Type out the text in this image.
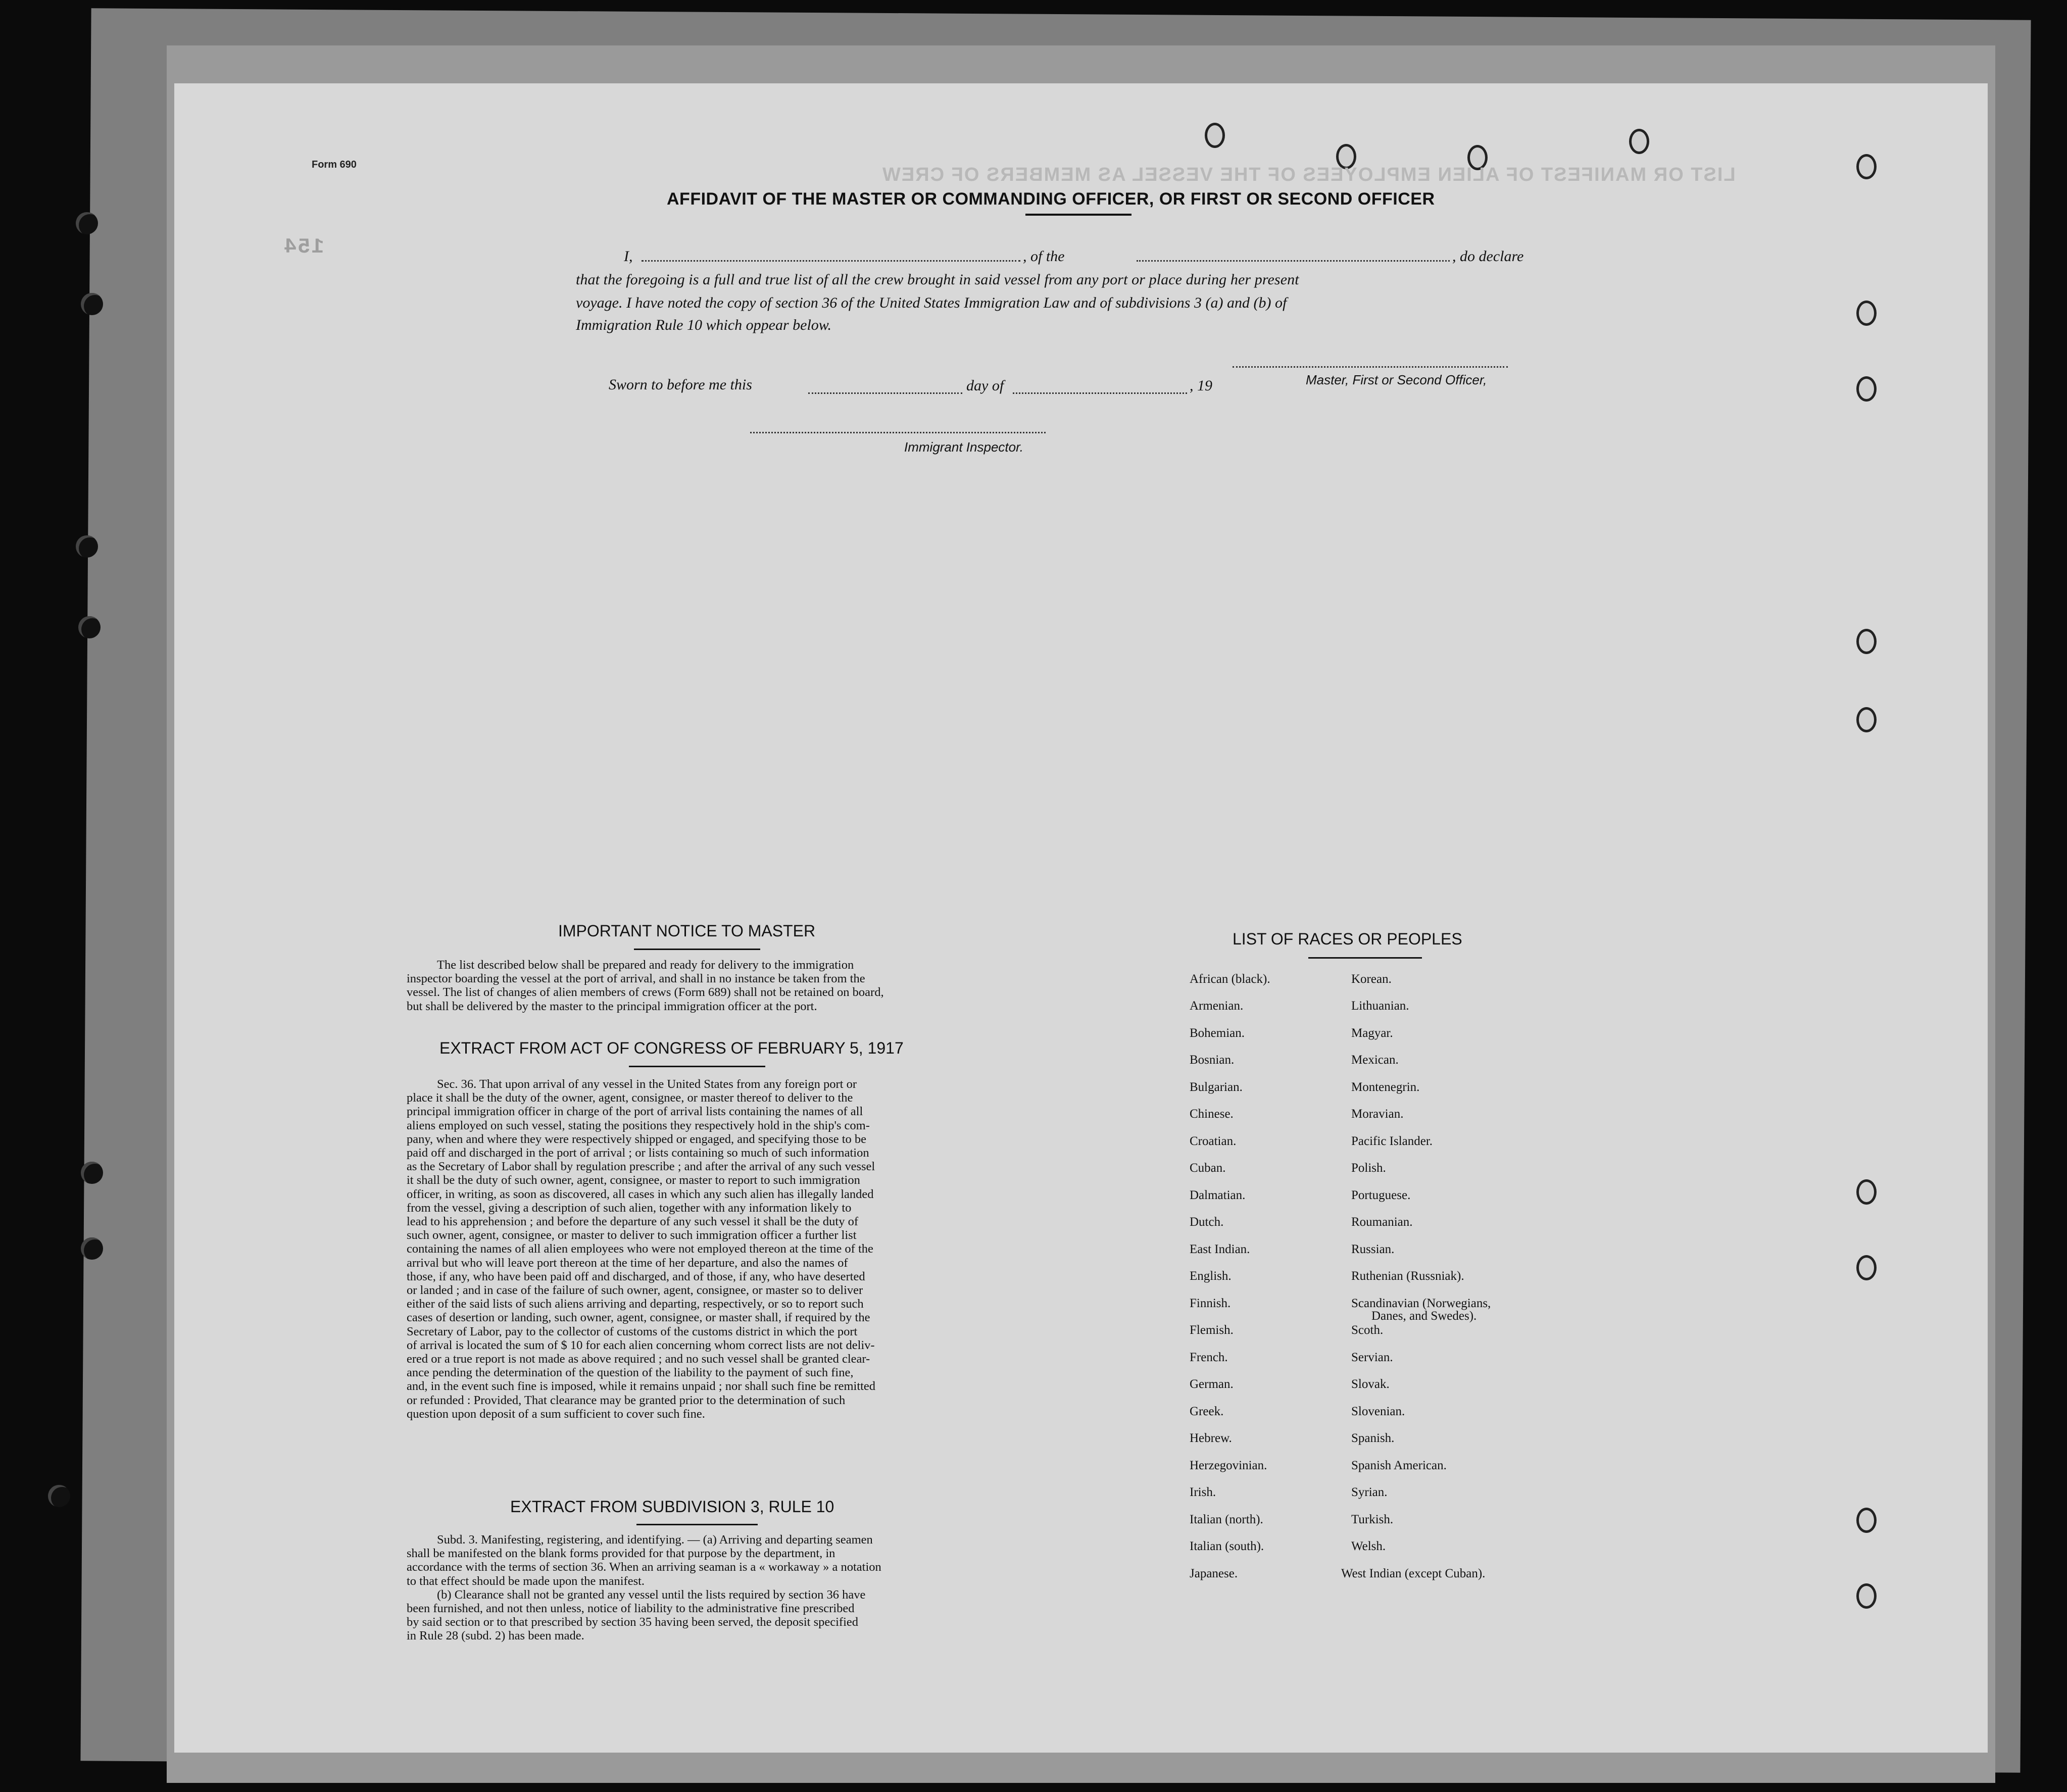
Form 690	LIST OR MANIFEST OF ALIEN EMPLOYEES OF THE VESSEL AS MEMBERS OF CREW
154
AFFIDAVIT OF THE MASTER OR COMMANDING OFFICER, OR FIRST OR SECOND OFFICER
I,	, of the	, do declare
that the foregoing is a full and true list of all the crew brought in said vessel from any port or place during her present
voyage. I have noted the copy of section 36 of the United States Immigration Law and of subdivisions 3 (a) and (b) of
Immigration Rule 10 which oppear below.
Master, First or Second Officer,
Sworn to before me this	day of	, 19
Immigrant Inspector.
IMPORTANT NOTICE TO MASTER
The list described below shall be prepared and ready for delivery to the immigration
inspector boarding the vessel at the port of arrival, and shall in no instance be taken from the
vessel. The list of changes of alien members of crews (Form 689) shall not be retained on board,
but shall be delivered by the master to the principal immigration officer at the port.
EXTRACT FROM ACT OF CONGRESS OF FEBRUARY 5, 1917
Sec. 36. That upon arrival of any vessel in the United States from any foreign port or
place it shall be the duty of the owner, agent, consignee, or master thereof to deliver to the
principal immigration officer in charge of the port of arrival lists containing the names of all
aliens employed on such vessel, stating the positions they respectively hold in the ship's com-
pany, when and where they were respectively shipped or engaged, and specifying those to be
paid off and discharged in the port of arrival ; or lists containing so much of such information
as the Secretary of Labor shall by regulation prescribe ; and after the arrival of any such vessel
it shall be the duty of such owner, agent, consignee, or master to report to such immigration
officer, in writing, as soon as discovered, all cases in which any such alien has illegally landed
from the vessel, giving a description of such alien, together with any information likely to
lead to his apprehension ; and before the departure of any such vessel it shall be the duty of
such owner, agent, consignee, or master to deliver to such immigration officer a further list
containing the names of all alien employees who were not employed thereon at the time of the
arrival but who will leave port thereon at the time of her departure, and also the names of
those, if any, who have been paid off and discharged, and of those, if any, who have deserted
or landed ; and in case of the failure of such owner, agent, consignee, or master so to deliver
either of the said lists of such aliens arriving and departing, respectively, or so to report such
cases of desertion or landing, such owner, agent, consignee, or master shall, if required by the
Secretary of Labor, pay to the collector of customs of the customs district in which the port
of arrival is located the sum of $ 10 for each alien concerning whom correct lists are not deliv-
ered or a true report is not made as above required ; and no such vessel shall be granted clear-
ance pending the determination of the question of the liability to the payment of such fine,
and, in the event such fine is imposed, while it remains unpaid ; nor shall such fine be remitted
or refunded : Provided, That clearance may be granted prior to the determination of such
question upon deposit of a sum sufficient to cover such fine.
EXTRACT FROM SUBDIVISION 3, RULE 10
Subd. 3. Manifesting, registering, and identifying. — (a) Arriving and departing seamen
shall be manifested on the blank forms provided for that purpose by the department, in
accordance with the terms of section 36. When an arriving seaman is a « workaway » a notation
to that effect should be made upon the manifest.
(b) Clearance shall not be granted any vessel until the lists required by section 36 have
been furnished, and not then unless, notice of liability to the administrative fine prescribed
by said section or to that prescribed by section 35 having been served, the deposit specified
in Rule 28 (subd. 2) has been made.
LIST OF RACES OR PEOPLES
African (black).
Armenian.
Bohemian.
Bosnian.
Bulgarian.
Chinese.
Croatian.
Cuban.
Dalmatian.
Dutch.
East Indian.
English.
Finnish.
Flemish.
French.
German.
Greek.
Hebrew.
Herzegovinian.
Irish.
Italian (north).
Italian (south).
Japanese.
Korean.
Lithuanian.
Magyar.
Mexican.
Montenegrin.
Moravian.
Pacific Islander.
Polish.
Portuguese.
Roumanian.
Russian.
Ruthenian (Russniak).
Scandinavian (Norwegians,
Danes, and Swedes).
Scoth.
Servian.
Slovak.
Slovenian.
Spanish.
Spanish American.
Syrian.
Turkish.
Welsh.
West Indian (except Cuban).
